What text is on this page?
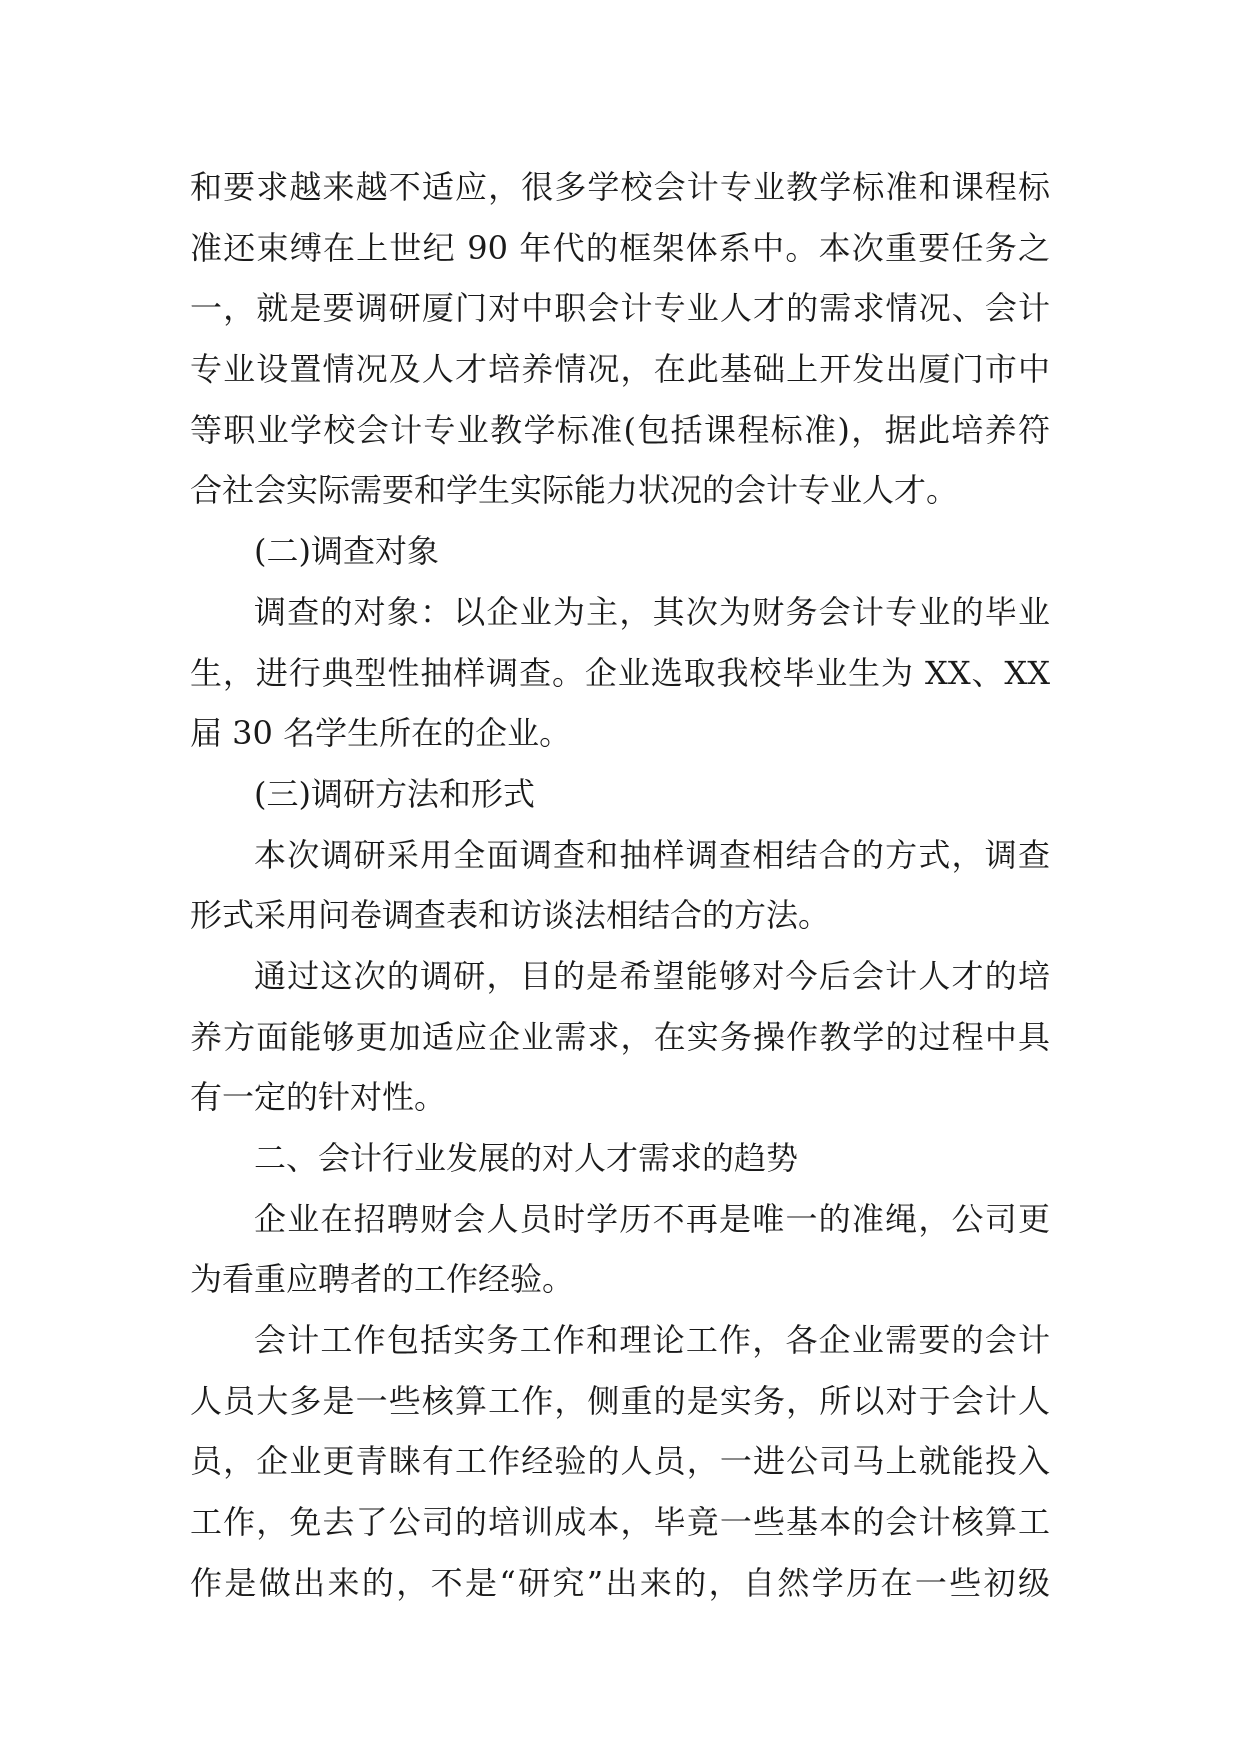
和要求越来越不适应，很多学校会计专业教学标准和课程标
准还束缚在上世纪 90 年代的框架体系中。本次重要任务之
一，就是要调研厦门对中职会计专业人才的需求情况、会计
专业设置情况及人才培养情况，在此基础上开发出厦门市中
等职业学校会计专业教学标准(包括课程标准)，据此培养符
合社会实际需要和学生实际能力状况的会计专业人才。
(二)调查对象
调查的对象：以企业为主，其次为财务会计专业的毕业
生，进行典型性抽样调查。企业选取我校毕业生为 XX、XX
届 30 名学生所在的企业。
(三)调研方法和形式
本次调研采用全面调查和抽样调查相结合的方式，调查
形式采用问卷调查表和访谈法相结合的方法。
通过这次的调研，目的是希望能够对今后会计人才的培
养方面能够更加适应企业需求，在实务操作教学的过程中具
有一定的针对性。
二、会计行业发展的对人才需求的趋势
企业在招聘财会人员时学历不再是唯一的准绳，公司更
为看重应聘者的工作经验。
会计工作包括实务工作和理论工作，各企业需要的会计
人员大多是一些核算工作，侧重的是实务，所以对于会计人
员，企业更青睐有工作经验的人员，一进公司马上就能投入
工作，免去了公司的培训成本，毕竟一些基本的会计核算工
作是做出来的，不是“研究”出来的，自然学历在一些初级
